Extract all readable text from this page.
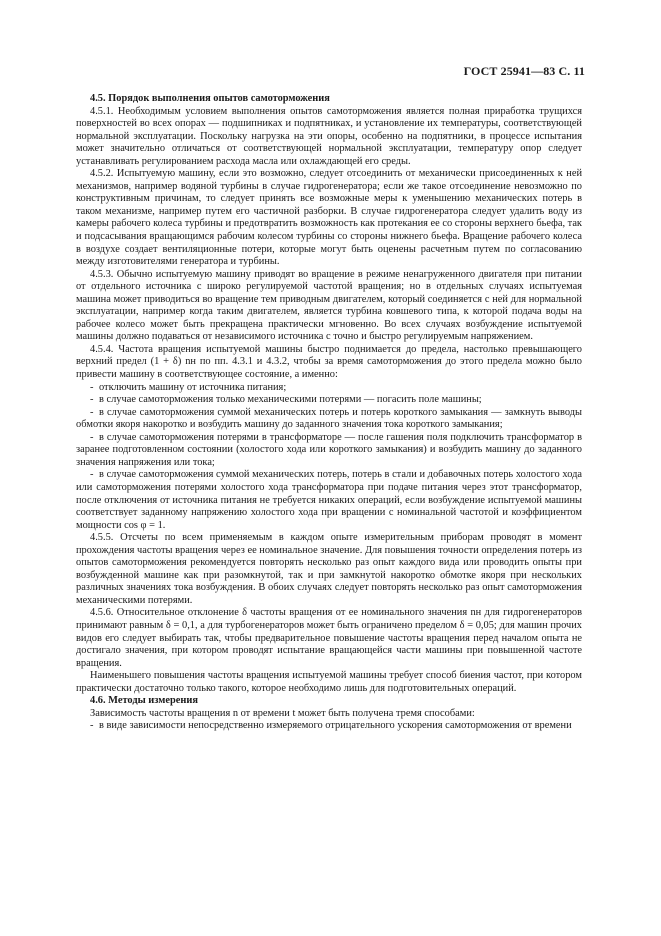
ГОСТ 25941—83 С. 11

4.5. Порядок выполнения опытов самоторможения

4.5.1. Необходимым условием выполнения опытов самоторможения является полная приработка трущихся поверхностей во всех опорах — подшипниках и подпятниках, и установление их температуры, соответствующей нормальной эксплуатации. Поскольку нагрузка на эти опоры, особенно на подпятники, в процессе испытания может значительно отличаться от соответствующей нормальной эксплуатации, температуру опор следует устанавливать регулированием расхода масла или охлаждающей его среды.

4.5.2. Испытуемую машину, если это возможно, следует отсоединить от механически присоединенных к ней механизмов, например водяной турбины в случае гидрогенератора; если же такое отсоединение невозможно по конструктивным причинам, то следует принять все возможные меры к уменьшению механических потерь в таком механизме, например путем его частичной разборки. В случае гидрогенератора следует удалить воду из камеры рабочего колеса турбины и предотвратить возможность как протекания ее со стороны верхнего бьефа, так и подсасывания вращающимся рабочим колесом турбины со стороны нижнего бьефа. Вращение рабочего колеса в воздухе создает вентиляционные потери, которые могут быть оценены расчетным путем по согласованию между изготовителями генератора и турбины.

4.5.3. Обычно испытуемую машину приводят во вращение в режиме ненагруженного двигателя при питании от отдельного источника с широко регулируемой частотой вращения; но в отдельных случаях испытуемая машина может приводиться во вращение тем приводным двигателем, который соединяется с ней для нормальной эксплуатации, например когда таким двигателем, является турбина ковшевого типа, к которой подача воды на рабочее колесо может быть прекращена практически мгновенно. Во всех случаях возбуждение испытуемой машины должно подаваться от независимого источника с точно и быстро регулируемым напряжением.

4.5.4. Частота вращения испытуемой машины быстро поднимается до предела, настолько превышающего верхний предел (1 + δ) nн по пп. 4.3.1 и 4.3.2, чтобы за время самоторможения до этого предела можно было привести машину в соответствующее состояние, а именно:

- отключить машину от источника питания;

- в случае самоторможения только механическими потерями — погасить поле машины;

- в случае самоторможения суммой механических потерь и потерь короткого замыкания — замкнуть выводы обмотки якоря накоротко и возбудить машину до заданного значения тока короткого замыкания;

- в случае самоторможения потерями в трансформаторе — после гашения поля подключить трансформатор в заранее подготовленном состоянии (холостого хода или короткого замыкания) и возбудить машину до заданного значения напряжения или тока;

- в случае самоторможения суммой механических потерь, потерь в стали и добавочных потерь холостого хода или самоторможения потерями холостого хода трансформатора при подаче питания через этот трансформатор, после отключения от источника питания не требуется никаких операций, если возбуждение испытуемой машины соответствует заданному напряжению холостого хода при вращении с номинальной частотой и коэффициентом мощности cos φ = 1.

4.5.5. Отсчеты по всем применяемым в каждом опыте измерительным приборам проводят в момент прохождения частоты вращения через ее номинальное значение. Для повышения точности определения потерь из опытов самоторможения рекомендуется повторять несколько раз опыт каждого вида или проводить опыты при возбужденной машине как при разомкнутой, так и при замкнутой накоротко обмотке якоря при нескольких различных значениях тока возбуждения. В обоих случаях следует повторять несколько раз опыт самоторможения механическими потерями.

4.5.6. Относительное отклонение δ частоты вращения от ее номинального значения nн для гидрогенераторов принимают равным δ = 0,1, а для турбогенераторов может быть ограничено пределом δ = 0,05; для машин прочих видов его следует выбирать так, чтобы предварительное повышение частоты вращения перед началом опыта не достигало значения, при котором проводят испытание вращающейся части машины при повышенной частоте вращения.

Наименьшего повышения частоты вращения испытуемой машины требует способ биения частот, при котором практически достаточно только такого, которое необходимо лишь для подготовительных операций.

4.6. Методы измерения

Зависимость частоты вращения n от времени t может быть получена тремя способами:

- в виде зависимости непосредственно измеряемого отрицательного ускорения самоторможения от времени
